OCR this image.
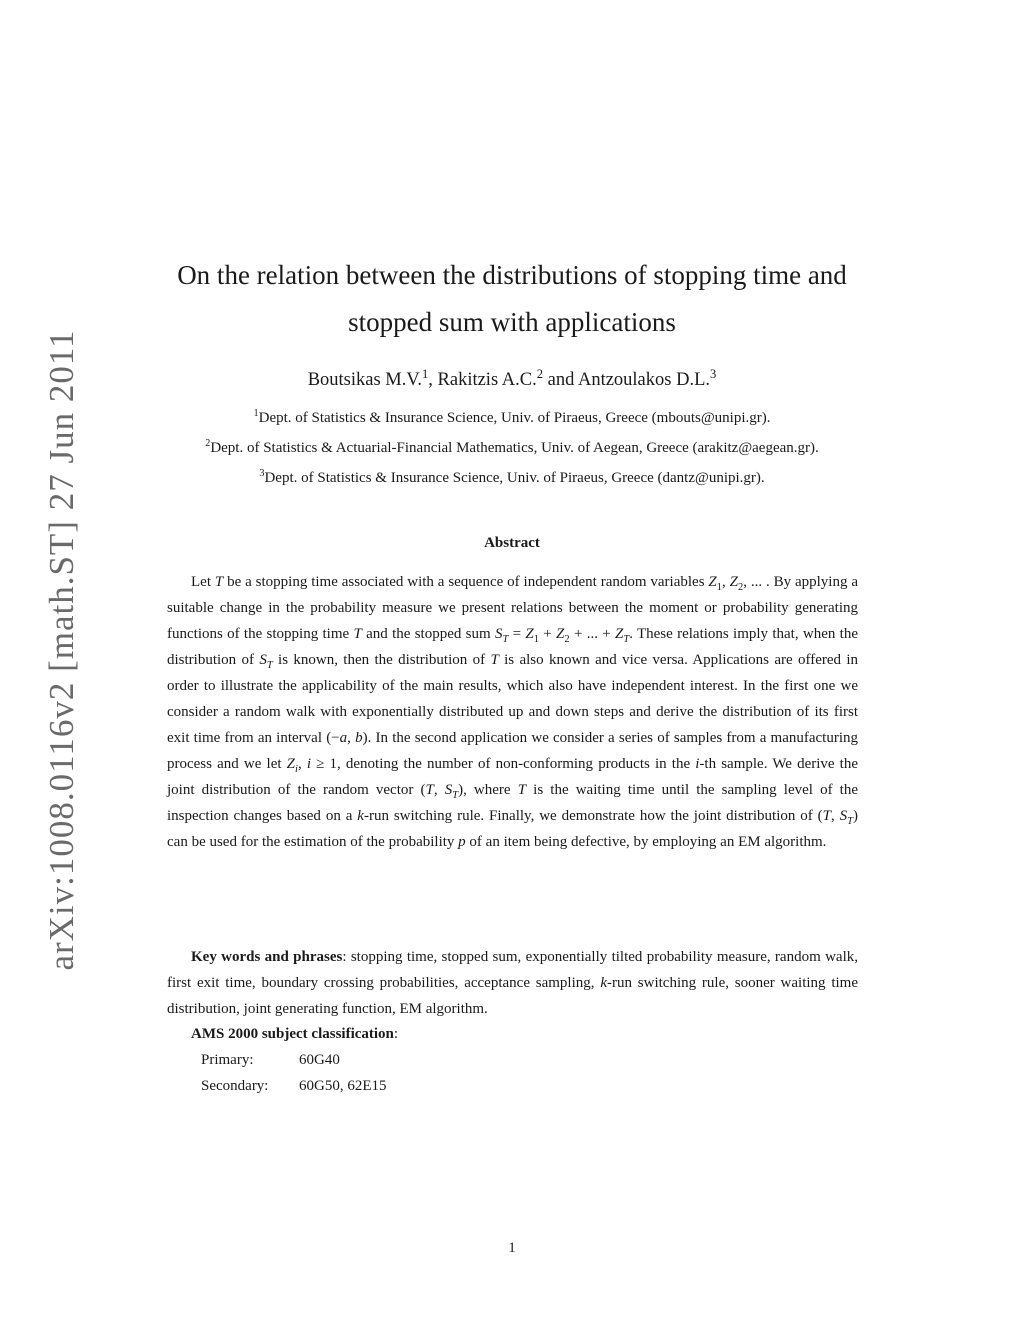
arXiv:1008.0116v2 [math.ST] 27 Jun 2011
On the relation between the distributions of stopping time and
stopped sum with applications
Boutsikas M.V.$^1$, Rakitzis A.C.$^2$ and Antzoulakos D.L.$^3$
$^1$Dept. of Statistics & Insurance Science, Univ. of Piraeus, Greece (mbouts@unipi.gr).
$^2$Dept. of Statistics & Actuarial-Financial Mathematics, Univ. of Aegean, Greece (arakitz@aegean.gr).
$^3$Dept. of Statistics & Insurance Science, Univ. of Piraeus, Greece (dantz@unipi.gr).
Abstract

Let T be a stopping time associated with a sequence of independent random variables $Z_1$, $Z_2$, ... . By applying a suitable change in the probability measure we present relations between the moment or probability generating functions of the stopping time T and the stopped sum $S_T = Z_1 + Z_2$ + ... + $Z_T$. These relations imply that, when the distribution of $S_T$ is known, then the distribution of T is also known and vice versa. Applications are offered in order to illustrate the applicability of the main results, which also have independent interest. In the first one we consider a random walk with exponentially distributed up and down steps and derive the distribution of its first exit time from an interval (−a, b). In the second application we consider a series of samples from a manufacturing process and we let $Z_i$, i ≥ 1, denoting the number of non-conforming products in the i-th sample. We derive the joint distribution of the random vector (T, $S_T$), where T is the waiting time until the sampling level of the inspection changes based on a k-run switching rule. Finally, we demonstrate how the joint distribution of (T, $S_T$) can be used for the estimation of the probability p of an item being defective, by employing an EM algorithm.

Key words and phrases: stopping time, stopped sum, exponentially tilted probability measure, random walk, first exit time, boundary crossing probabilities, acceptance sampling, k-run switching rule, sooner waiting time distribution, joint generating function, EM algorithm.

AMS 2000 subject classification:
Primary:	60G40
Secondary:	60G50, 62E15
1
